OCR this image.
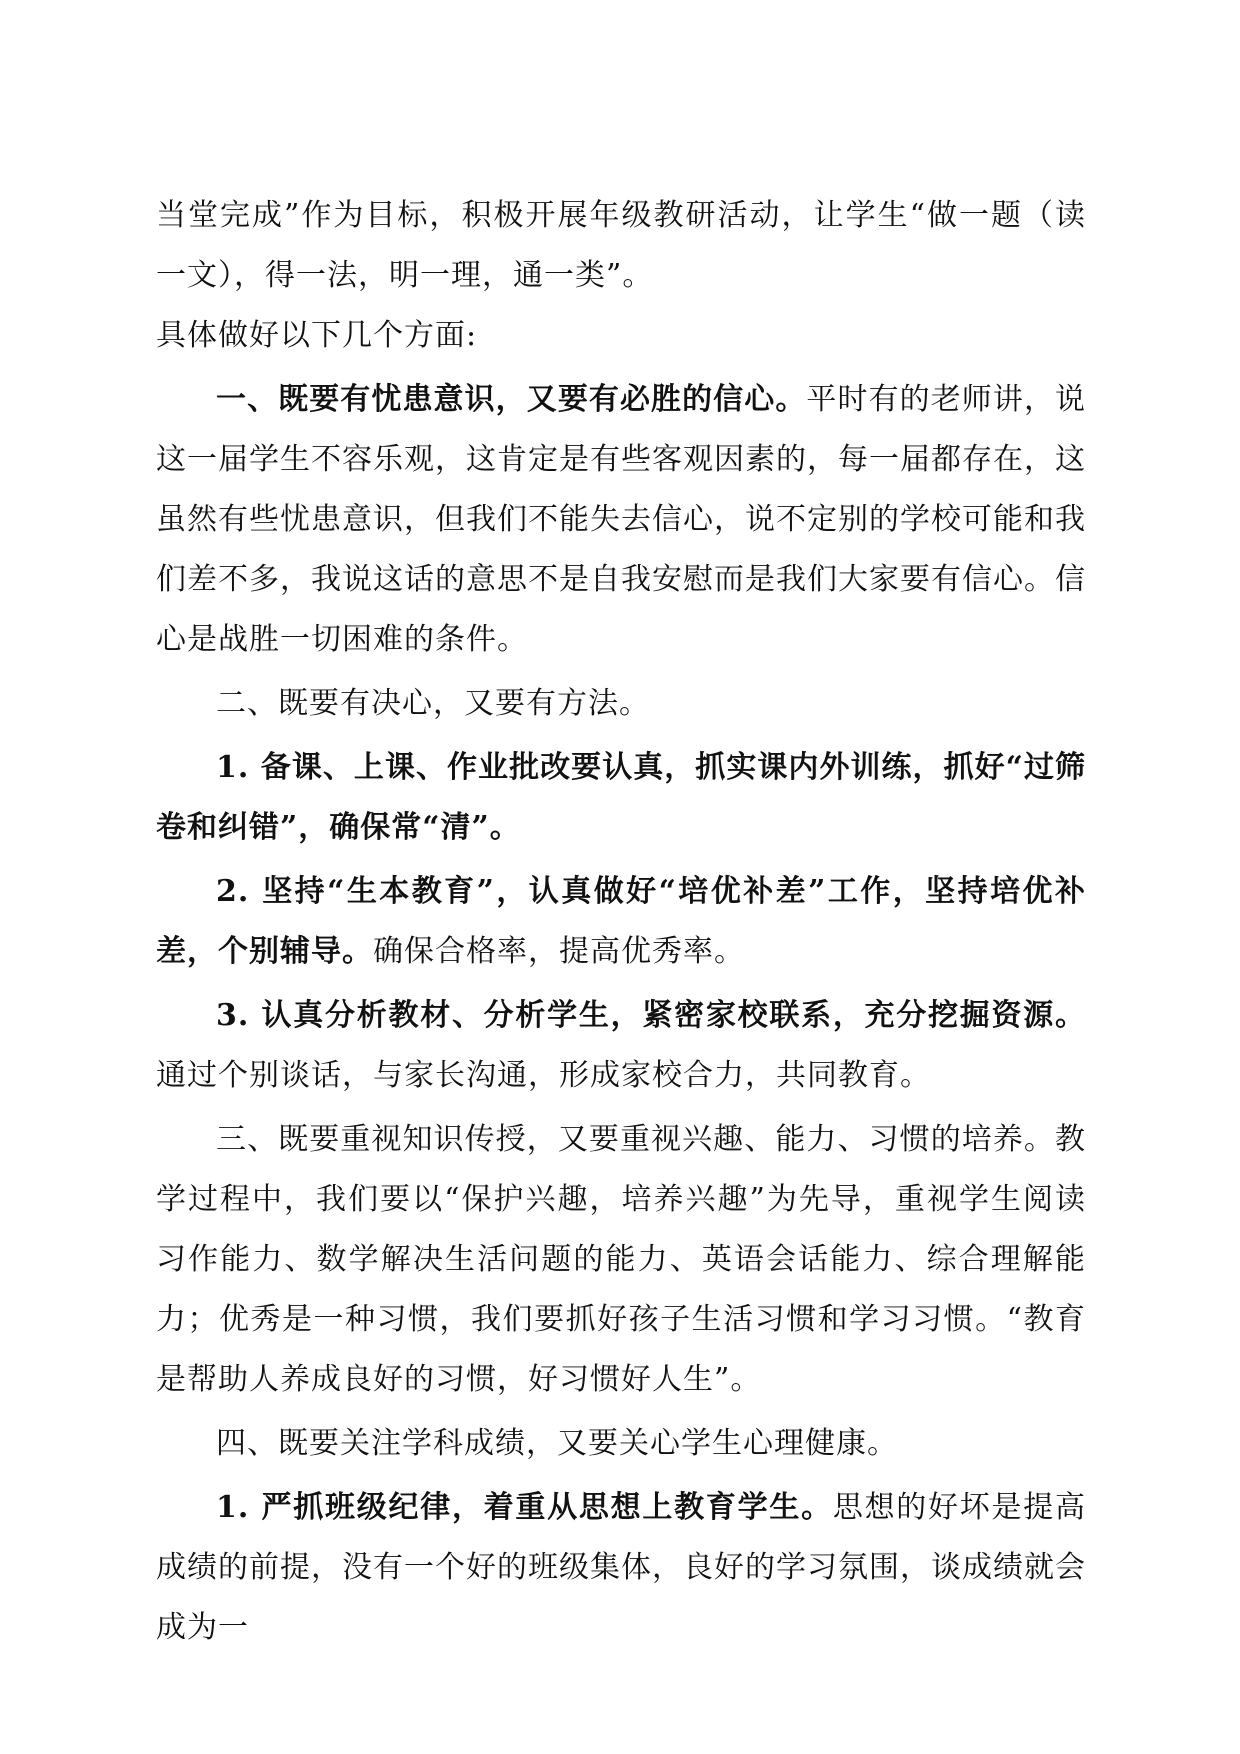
当堂完成”作为目标，积极开展年级教研活动，让学生“做一题（读一文），得一法，明一理，通一类”。

具体做好以下几个方面:

一、既要有忧患意识，又要有必胜的信心。平时有的老师讲，说这一届学生不容乐观，这肯定是有些客观因素的，每一届都存在，这虽然有些忧患意识，但我们不能失去信心，说不定别的学校可能和我们差不多，我说这话的意思不是自我安慰而是我们大家要有信心。信心是战胜一切困难的条件。

二、既要有决心，又要有方法。

1. 备课、上课、作业批改要认真，抓实课内外训练，抓好“过筛卷和纠错”，确保常“清”。

2. 坚持“生本教育”，认真做好“培优补差”工作，坚持培优补差，个别辅导。确保合格率，提高优秀率。

3. 认真分析教材、分析学生，紧密家校联系，充分挖掘资源。通过个别谈话，与家长沟通，形成家校合力，共同教育。

三、既要重视知识传授，又要重视兴趣、能力、习惯的培养。教学过程中，我们要以“保护兴趣，培养兴趣”为先导，重视学生阅读习作能力、数学解决生活问题的能力、英语会话能力、综合理解能力；优秀是一种习惯，我们要抓好孩子生活习惯和学习习惯。“教育是帮助人养成良好的习惯，好习惯好人生”。

四、既要关注学科成绩，又要关心学生心理健康。

1. 严抓班级纪律，着重从思想上教育学生。思想的好坏是提高成绩的前提，没有一个好的班级集体，良好的学习氛围，谈成绩就会成为一
